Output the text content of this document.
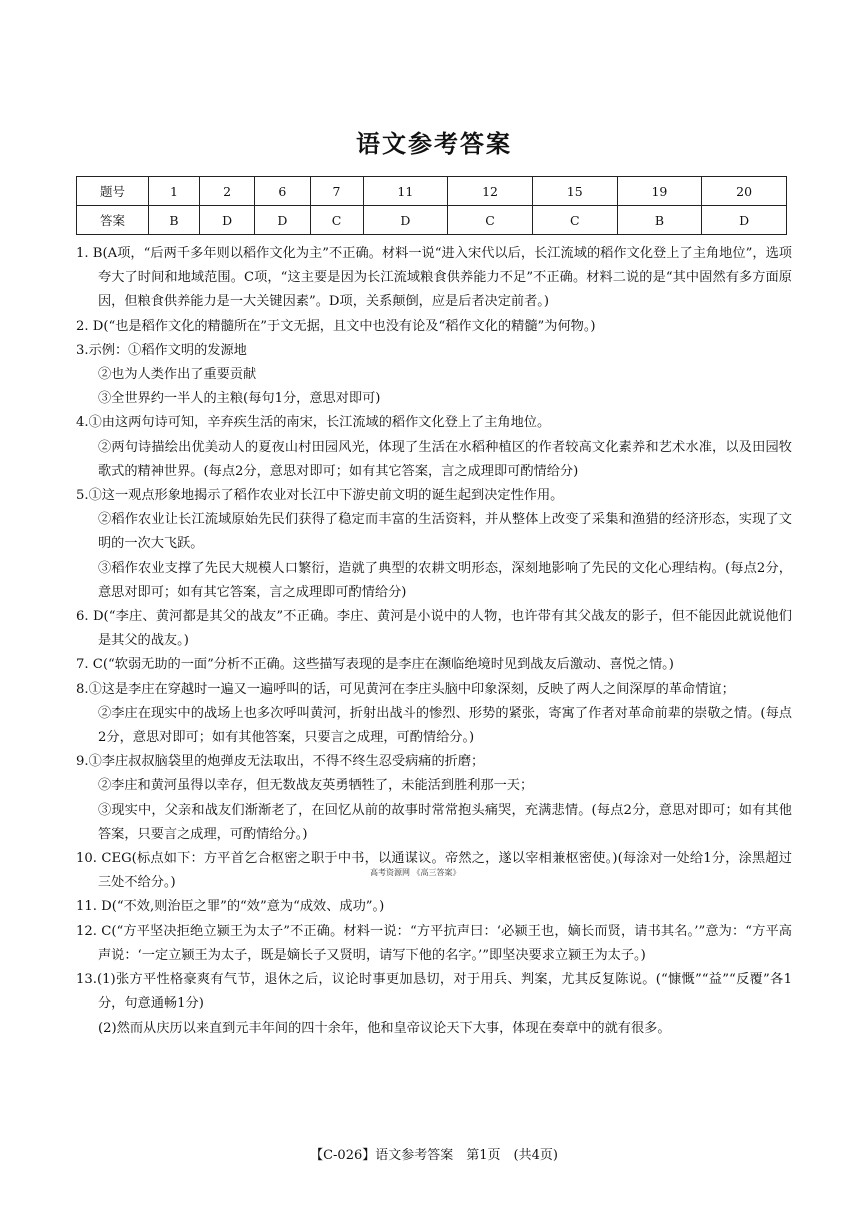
语文参考答案
题号	1	2	6	7	11	12	15	19	20
答案	B	D	D	C	D	C	C	B	D

1. B(A项，“后两千多年则以稻作文化为主”不正确。材料一说“进入宋代以后，长江流域的稻作文化登上了主角地位”，选项夸大了时间和地域范围。C项，“这主要是因为长江流域粮食供养能力不足”不正确。材料二说的是“其中固然有多方面原因，但粮食供养能力是一大关键因素”。D项，关系颠倒，应是后者决定前者。)

2. D(“也是稻作文化的精髓所在”于文无据，且文中也没有论及“稻作文化的精髓”为何物。)

3.示例：①稻作文明的发源地

②也为人类作出了重要贡献

③全世界约一半人的主粮(每句1分，意思对即可)

4.①由这两句诗可知，辛弃疾生活的南宋，长江流域的稻作文化登上了主角地位。

②两句诗描绘出优美动人的夏夜山村田园风光，体现了生活在水稻种植区的作者较高文化素养和艺术水准，以及田园牧歌式的精神世界。(每点2分，意思对即可；如有其它答案，言之成理即可酌情给分)

5.①这一观点形象地揭示了稻作农业对长江中下游史前文明的诞生起到决定性作用。

②稻作农业让长江流域原始先民们获得了稳定而丰富的生活资料，并从整体上改变了采集和渔猎的经济形态，实现了文明的一次大飞跃。

③稻作农业支撑了先民大规模人口繁衍，造就了典型的农耕文明形态，深刻地影响了先民的文化心理结构。(每点2分，意思对即可；如有其它答案，言之成理即可酌情给分)

6. D(“李庄、黄河都是其父的战友”不正确。李庄、黄河是小说中的人物，也许带有其父战友的影子，但不能因此就说他们是其父的战友。)

7. C(“软弱无助的一面”分析不正确。这些描写表现的是李庄在濒临绝境时见到战友后激动、喜悦之情。)

8.①这是李庄在穿越时一遍又一遍呼叫的话，可见黄河在李庄头脑中印象深刻，反映了两人之间深厚的革命情谊；

②李庄在现实中的战场上也多次呼叫黄河，折射出战斗的惨烈、形势的紧张，寄寓了作者对革命前辈的崇敬之情。(每点2分，意思对即可；如有其他答案，只要言之成理，可酌情给分。)

9.①李庄叔叔脑袋里的炮弹皮无法取出，不得不终生忍受病痛的折磨；

②李庄和黄河虽得以幸存，但无数战友英勇牺牲了，未能活到胜利那一天；

③现实中，父亲和战友们渐渐老了，在回忆从前的故事时常常抱头痛哭，充满悲情。(每点2分，意思对即可；如有其他答案，只要言之成理，可酌情给分。)

10. CEG(标点如下：方平首乞合枢密之职于中书，以通谋议。帝然之，遂以宰相兼枢密使。)(每涂对一处给1分，涂黑超过三处不给分。)

11. D(“不效,则治臣之罪”的“效”意为“成效、成功”。)

12. C(“方平坚决拒绝立颍王为太子”不正确。材料一说：“方平抗声曰：‘必颍王也，嫡长而贤，请书其名。’”意为：“方平高声说：‘一定立颍王为太子，既是嫡长子又贤明，请写下他的名字。’”即坚决要求立颍王为太子。)

13.(1)张方平性格豪爽有气节，退休之后，议论时事更加恳切，对于用兵、判案，尤其反复陈说。(“慷慨”“益”“反覆”各1分，句意通畅1分)

(2)然而从庆历以来直到元丰年间的四十余年，他和皇帝议论天下大事，体现在奏章中的就有很多。

高考资源网 《高三答案》
【C-026】语文参考答案　第1页　(共4页)
